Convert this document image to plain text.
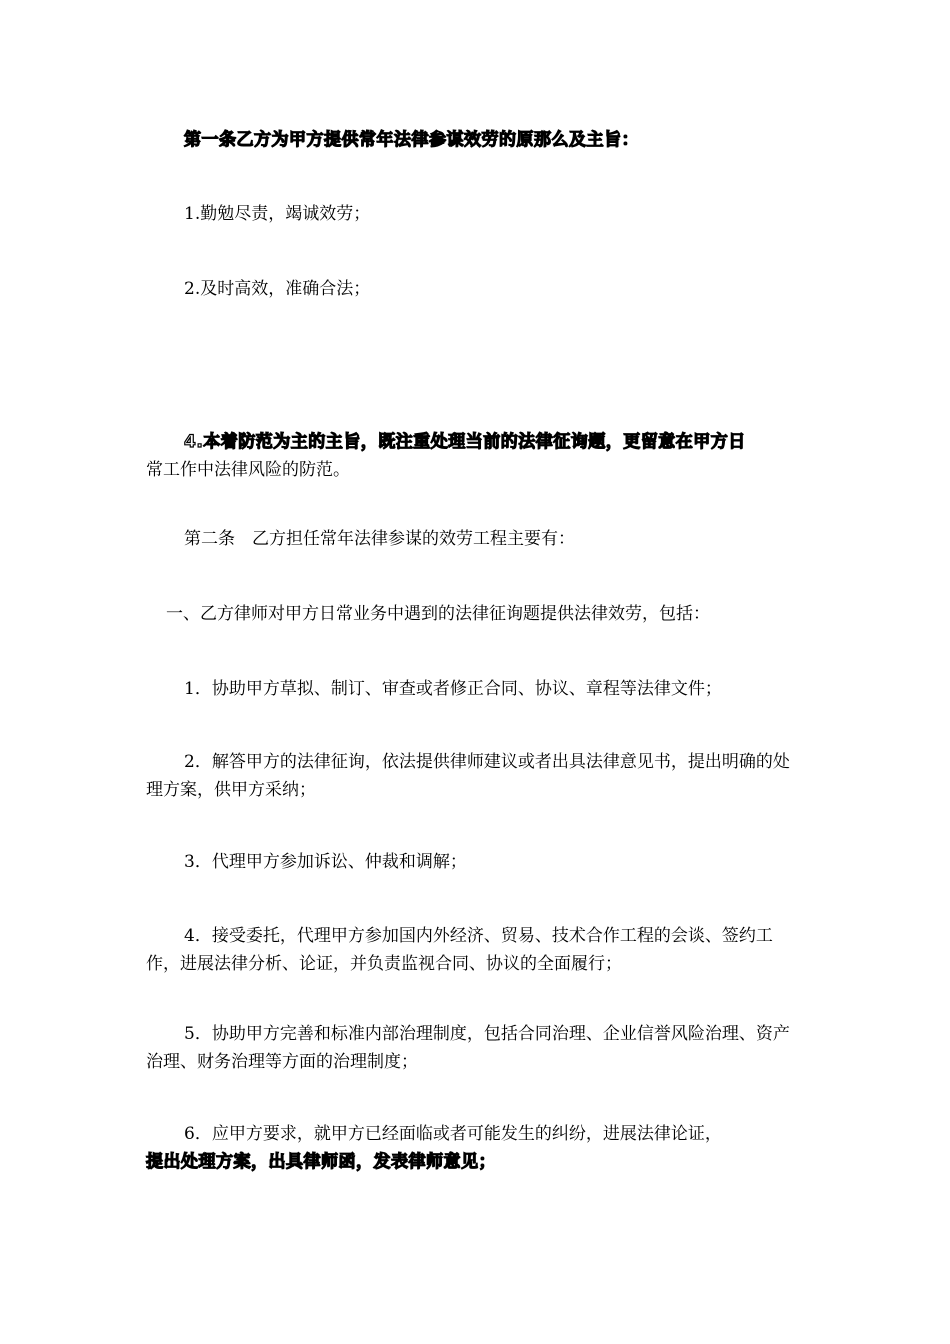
第一条乙方为甲方提供常年法律参谋效劳的原那么及主旨：

1.勤勉尽责，竭诚效劳；

2.及时高效，准确合法；

4.本着防范为主的主旨，既注重处理当前的法律征询题，更留意在甲方日
常工作中法律风险的防范。

第二条　乙方担任常年法律参谋的效劳工程主要有：

一、乙方律师对甲方日常业务中遇到的法律征询题提供法律效劳，包括：

1．协助甲方草拟、制订、审查或者修正合同、协议、章程等法律文件；

2．解答甲方的法律征询，依法提供律师建议或者出具法律意见书，提出明确的处理方案，供甲方采纳；

3．代理甲方参加诉讼、仲裁和调解；

4．接受委托，代理甲方参加国内外经济、贸易、技术合作工程的会谈、签约工作，进展法律分析、论证，并负责监视合同、协议的全面履行；

5．协助甲方完善和标准内部治理制度，包括合同治理、企业信誉风险治理、资产治理、财务治理等方面的治理制度；

6．应甲方要求，就甲方已经面临或者可能发生的纠纷，进展法律论证，
提出处理方案，出具律师函，发表律师意见；
